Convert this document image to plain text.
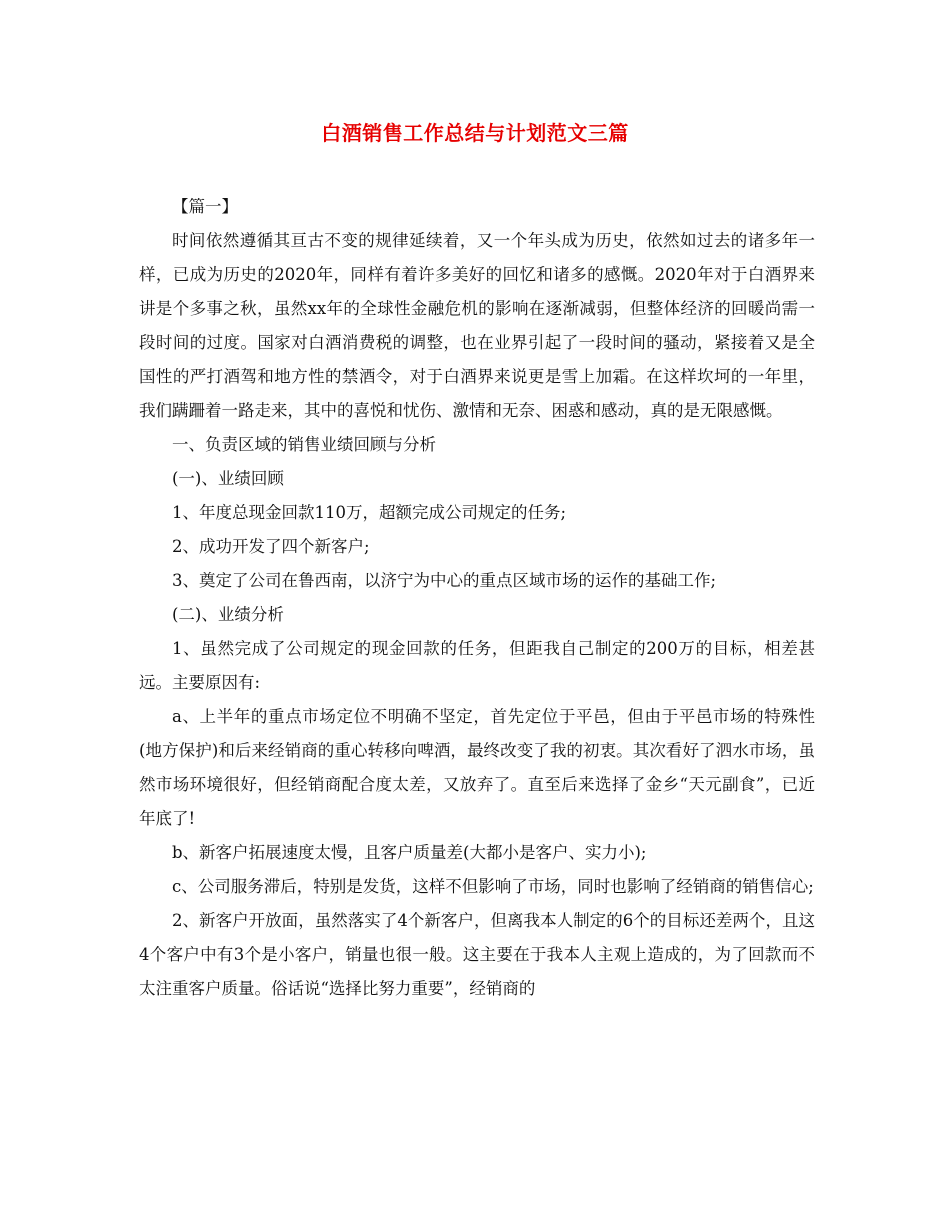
白酒销售工作总结与计划范文三篇

【篇一】

时间依然遵循其亘古不变的规律延续着，又一个年头成为历史，依然如过去的诸多年一样，已成为历史的2020年，同样有着许多美好的回忆和诸多的感慨。2020年对于白酒界来讲是个多事之秋，虽然xx年的全球性金融危机的影响在逐渐减弱，但整体经济的回暖尚需一段时间的过度。国家对白酒消费税的调整，也在业界引起了一段时间的骚动，紧接着又是全国性的严打酒驾和地方性的禁酒令，对于白酒界来说更是雪上加霜。在这样坎坷的一年里，我们蹒跚着一路走来，其中的喜悦和忧伤、激情和无奈、困惑和感动，真的是无限感慨。

一、负责区域的销售业绩回顾与分析

(一)、业绩回顾

1、年度总现金回款110万，超额完成公司规定的任务;

2、成功开发了四个新客户;

3、奠定了公司在鲁西南，以济宁为中心的重点区域市场的运作的基础工作;

(二)、业绩分析

1、虽然完成了公司规定的现金回款的任务，但距我自己制定的200万的目标，相差甚远。主要原因有:

a、上半年的重点市场定位不明确不坚定，首先定位于平邑，但由于平邑市场的特殊性(地方保护)和后来经销商的重心转移向啤酒，最终改变了我的初衷。其次看好了泗水市场，虽然市场环境很好，但经销商配合度太差，又放弃了。直至后来选择了金乡“天元副食”，已近年底了!

b、新客户拓展速度太慢，且客户质量差(大都小是客户、实力小);

c、公司服务滞后，特别是发货，这样不但影响了市场，同时也影响了经销商的销售信心;

2、新客户开放面，虽然落实了4个新客户，但离我本人制定的6个的目标还差两个，且这4个客户中有3个是小客户，销量也很一般。这主要在于我本人主观上造成的，为了回款而不太注重客户质量。俗话说“选择比努力重要”，经销商的
